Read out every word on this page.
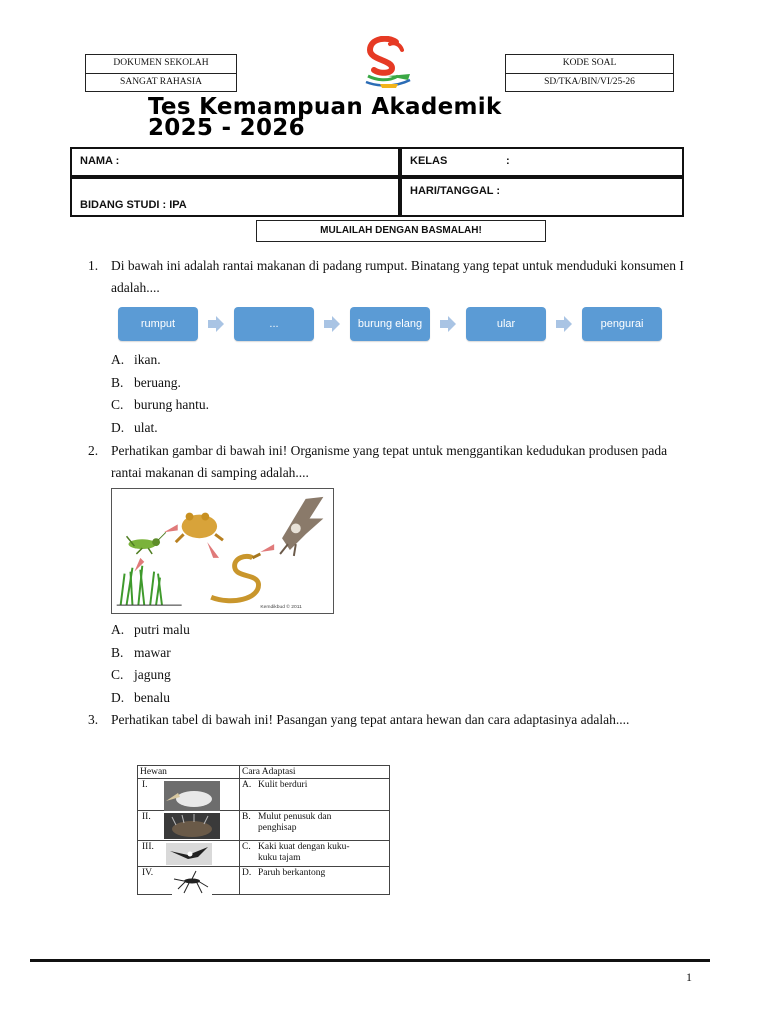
DOKUMEN SEKOLAH
SANGAT RAHASIA
KODE SOAL
SD/TKA/BIN/VI/25-26
Tes Kemampuan Akademik
2025 - 2026
NAMA :	KELAS	:
BIDANG STUDI : IPA
HARI/TANGGAL :
MULAILAH DENGAN BASMALAH!
1. Di bawah ini adalah rantai makanan di padang rumput. Binatang yang tepat untuk menduduki konsumen I adalah....
rumput	...	burung elang	ular	pengurai
A. ikan.
B. beruang.
C. burung hantu.
D. ulat.
2. Perhatikan gambar di bawah ini! Organisme yang tepat untuk menggantikan kedudukan produsen pada rantai makanan di samping adalah....
Kemdikbud © 2011
A. putri malu
B. mawar
C. jagung
D. benalu
3. Perhatikan tabel di bawah ini! Pasangan yang tepat antara hewan dan cara adaptasinya adalah....
Hewan	Cara Adaptasi

I.	A. Kulit berduri

II.	B. Mulut penusuk dan
penghisap

III.	C. Kaki kuat dengan kuku-
kuku tajam

IV.	D. Paruh berkantong
1
